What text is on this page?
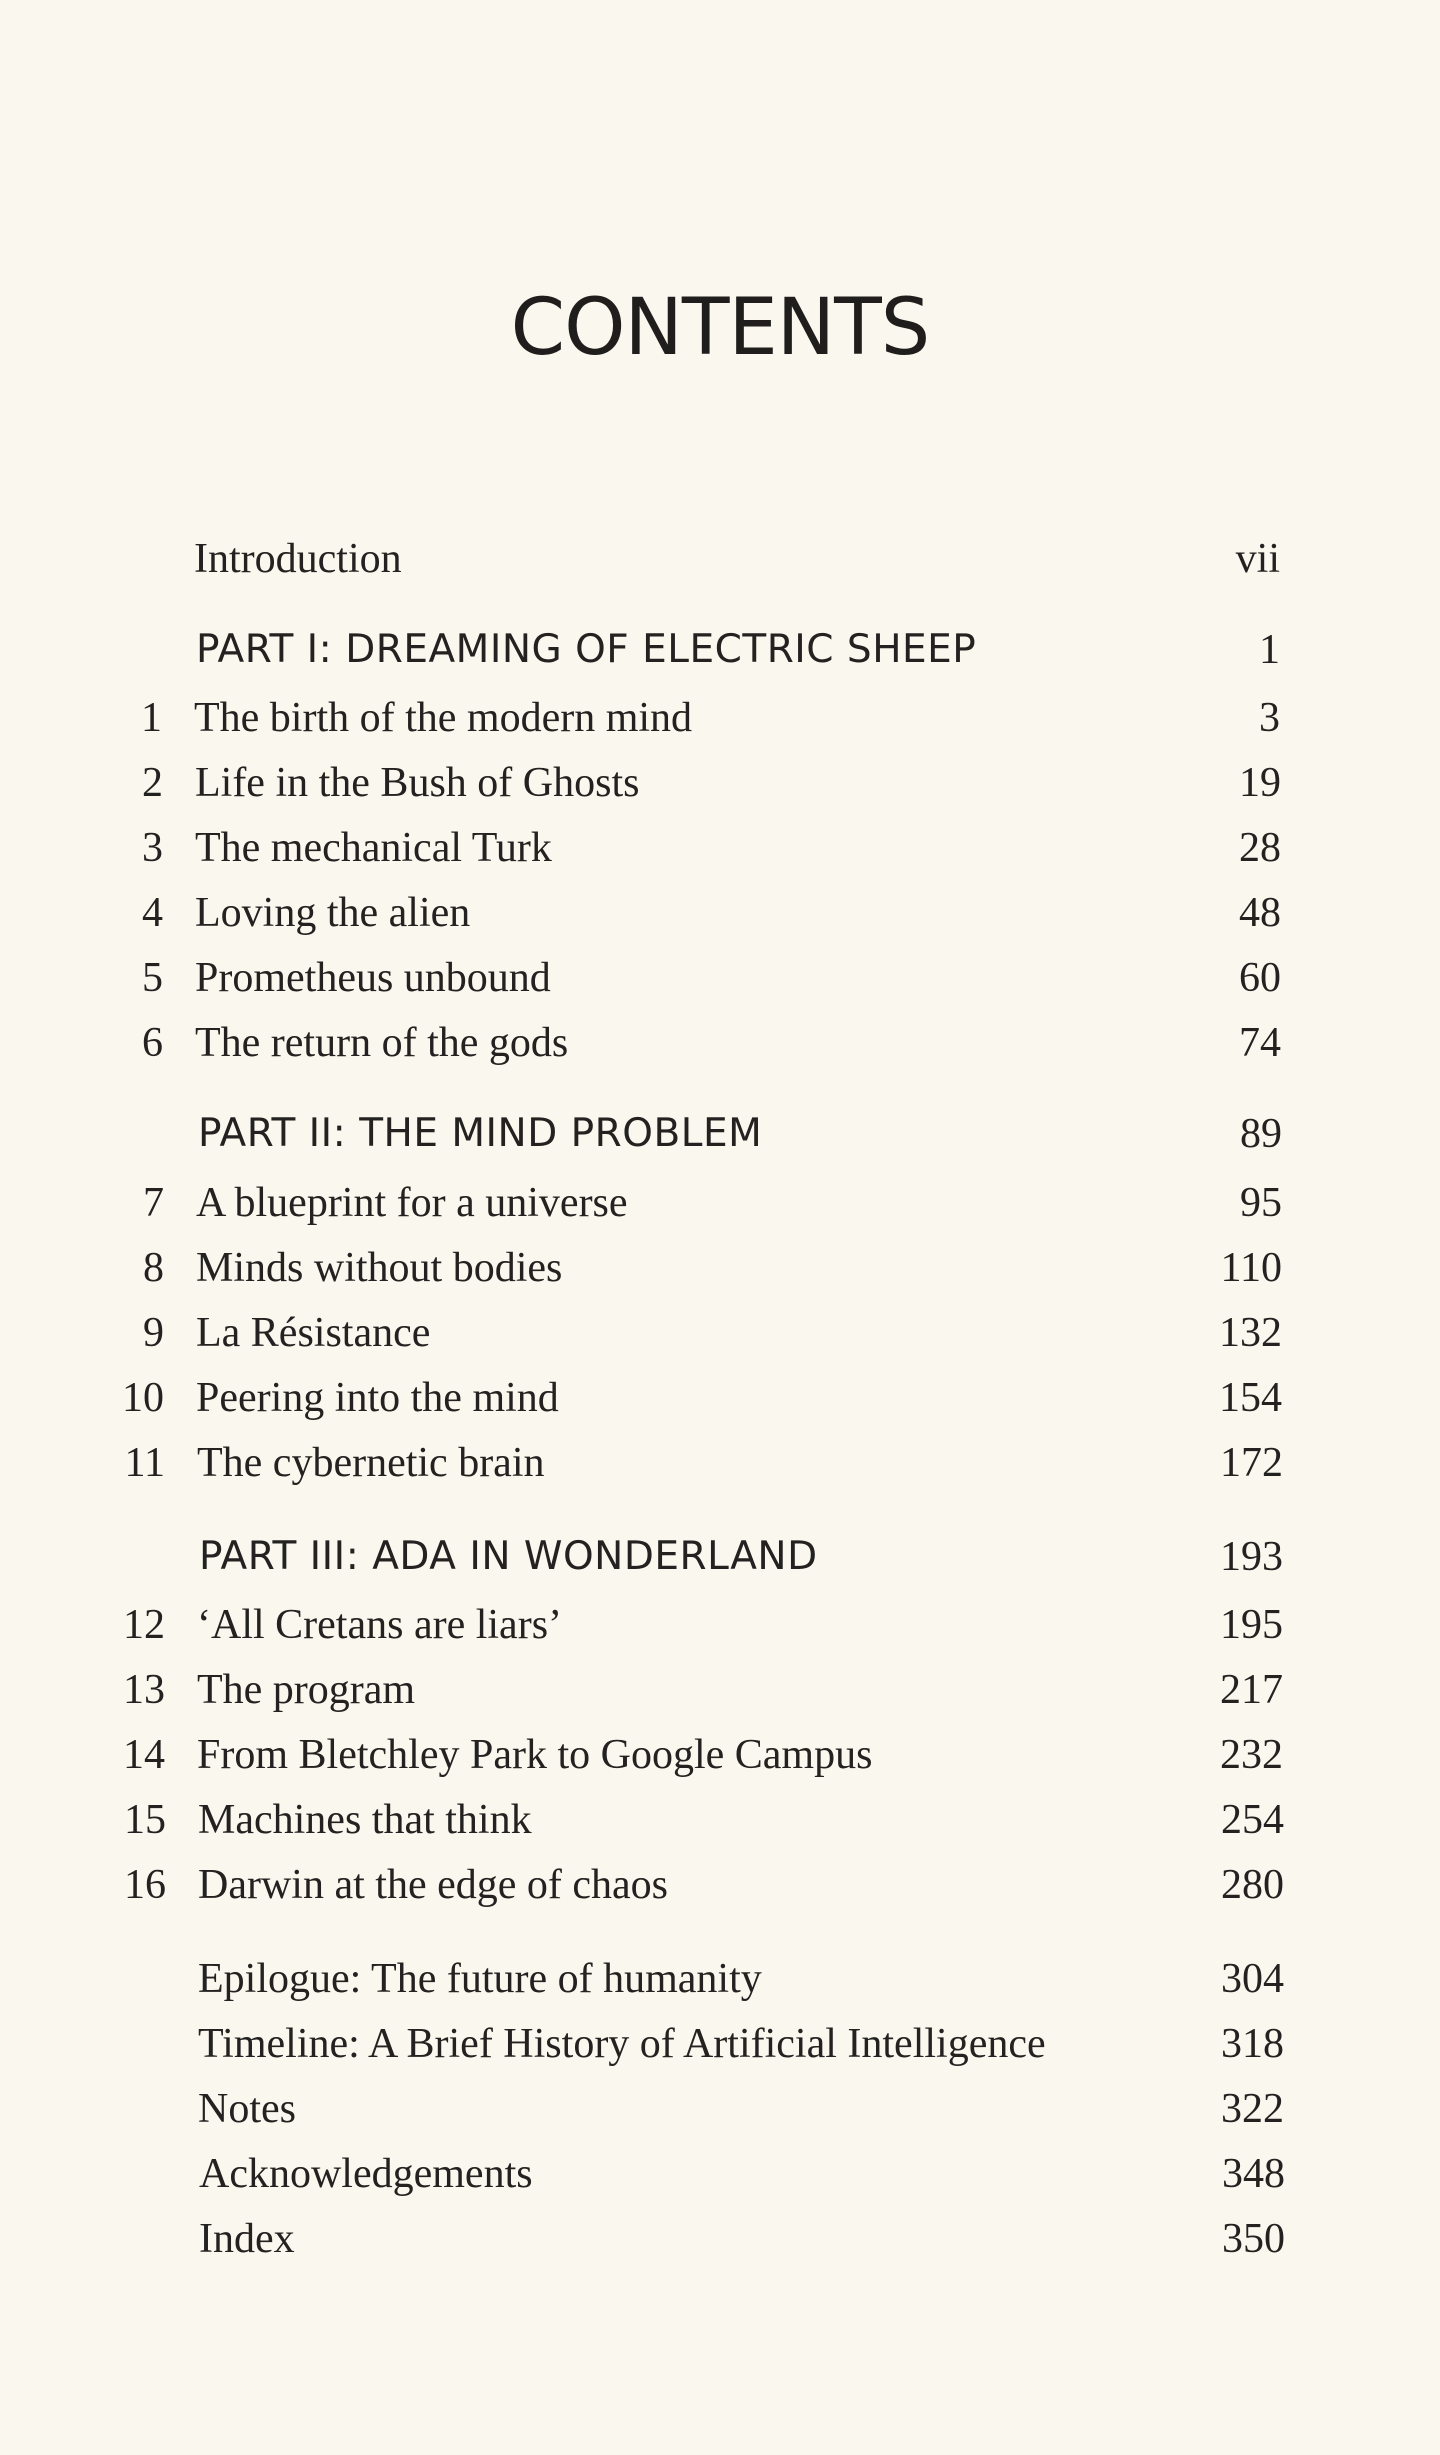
CONTENTS
Introduction	vii
PART I: DREAMING OF ELECTRIC SHEEP	1
1 The birth of the modern mind	3
2 Life in the Bush of Ghosts	19
3 The mechanical Turk	28
4 Loving the alien	48
5 Prometheus unbound	60
6 The return of the gods	74
PART II: THE MIND PROBLEM	89
7 A blueprint for a universe	95
8 Minds without bodies	110
9 La Résistance	132
10 Peering into the mind	154
11 The cybernetic brain	172
PART III: ADA IN WONDERLAND	193
12 ‘All Cretans are liars’	195
13 The program	217
14 From Bletchley Park to Google Campus	232
15 Machines that think	254
16 Darwin at the edge of chaos	280
Epilogue: The future of humanity	304
Timeline: A Brief History of Artificial Intelligence	318
Notes	322
Acknowledgements	348
Index	350
